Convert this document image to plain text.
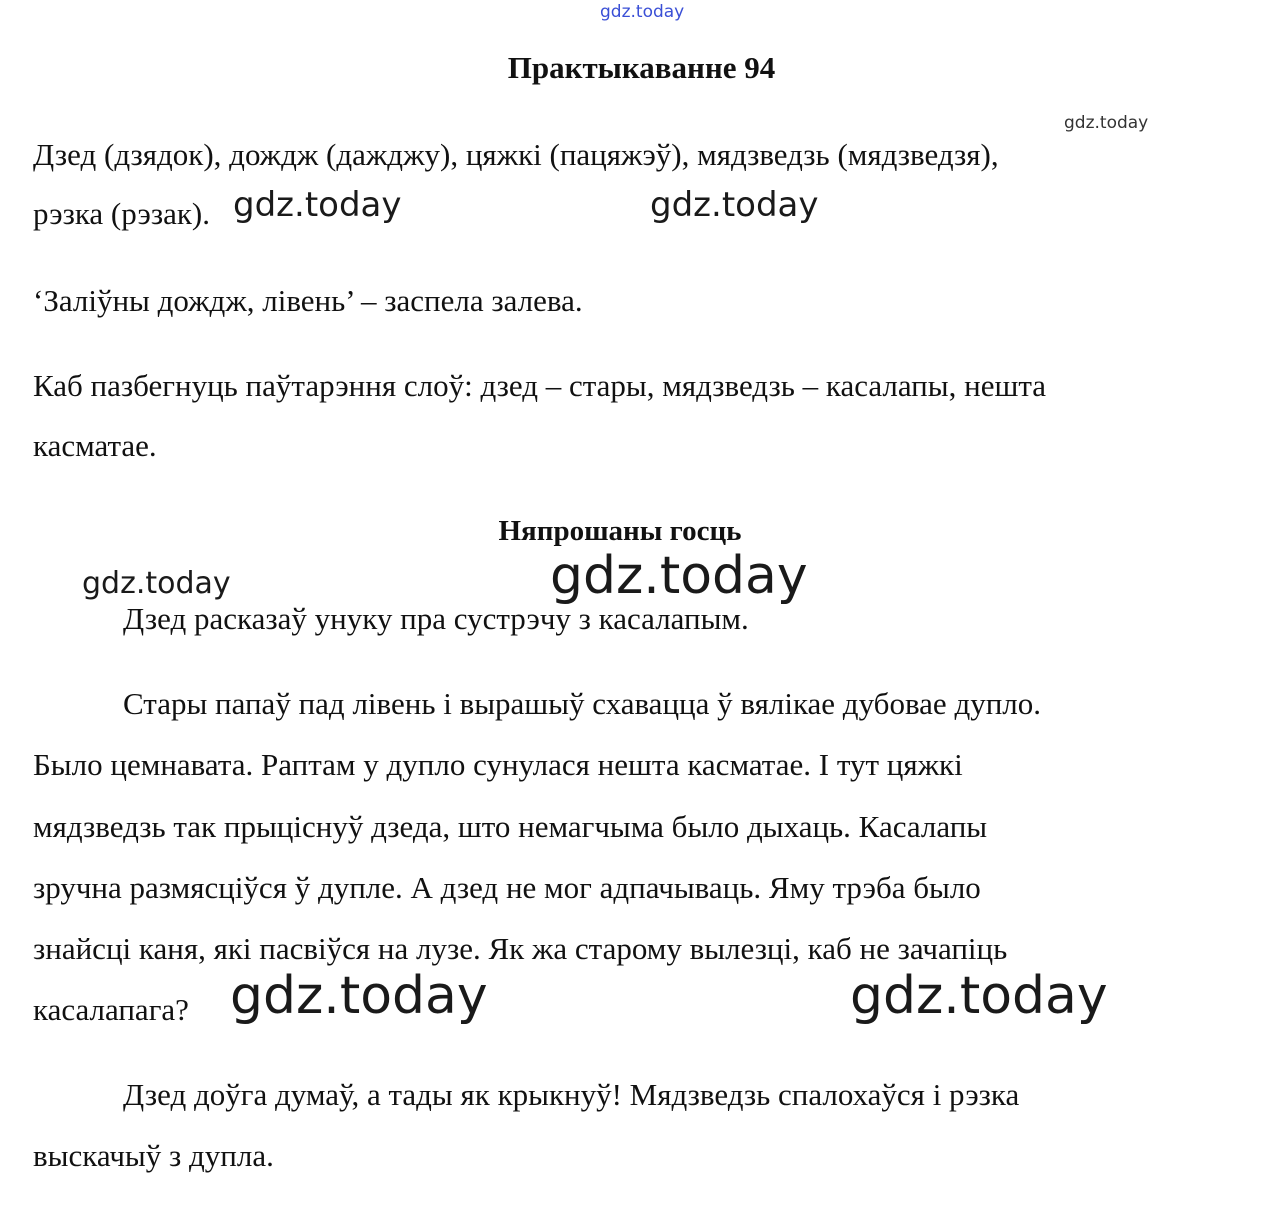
gdz.today
Практыкаванне 94
gdz.today
Дзед (дзядок), дождж (дажджу), цяжкі (пацяжэў), мядзведзь (мядзведзя),
рэзка (рэзак). gdz.today	gdz.today
‘Заліўны дождж, лівень’ – заспела залева.
Каб пазбегнуць паўтарэння слоў: дзед – стары, мядзведзь – касалапы, нешта
касматае.
Няпрошаны госць
gdz.today	gdz.today
Дзед расказаў унуку пра сустрэчу з касалапым.
Стары папаў пад лівень і вырашыў схавацца ў вялікае дубовае дупло.
Было цемнавата. Раптам у дупло сунулася нешта касматае. І тут цяжкі
мядзведзь так прыціснуў дзеда, што немагчыма было дыхаць. Касалапы
зручна размясціўся ў дупле. А дзед не мог адпачываць. Яму трэба было
знайсці каня, які пасвіўся на лузе. Як жа старому вылезці, каб не зачапіць
касалапага? gdz.today	gdz.today
Дзед доўга думаў, а тады як крыкнуў! Мядзведзь спалохаўся і рэзка
выскачыў з дупла.
